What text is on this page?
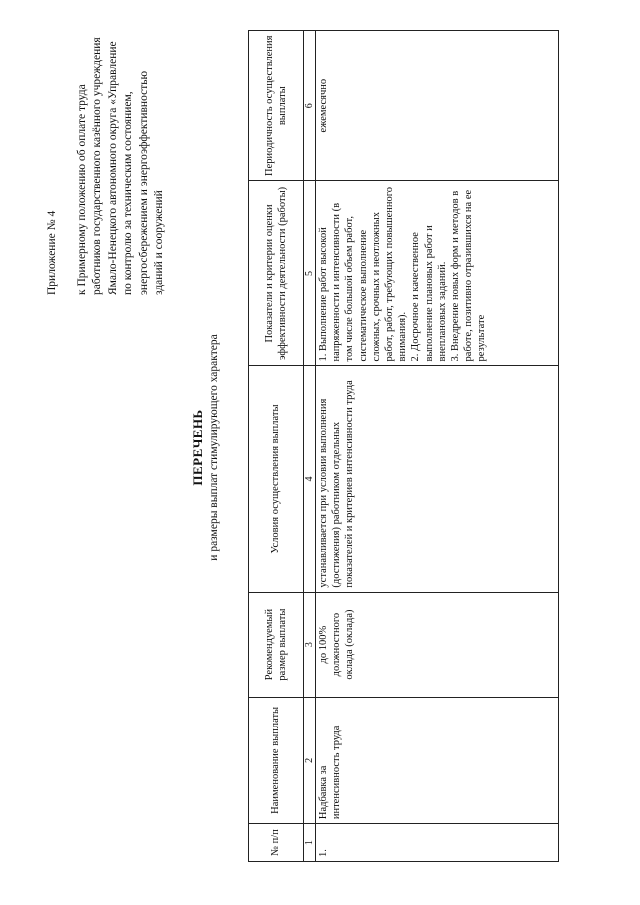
Приложение № 4 к Примерному положению об оплате труда работников государственного казённого учреждения Ямало-Ненецкого автономного округа «Управление по контролю за техническим состоянием, энергосбережением и энергоэффективностью зданий и сооружений
ПЕРЕЧЕНЬ и размеры выплат стимулирующего характера
№ п/п	Наименование выплаты	Рекомендуемый размер выплаты	Условия осуществления выплаты	Показатели и критерии оценки эффективности деятельности (работы)	Периодичность осуществления выплаты
1	2	3	4	5	6
1.	Надбавка за интенсивность труда	до 100% должностного оклада (оклада)	устанавливается при условии выполнения (достижения) работником отдельных показателей и критериев интенсивности труда	1. Выполнение работ высокой напряженности и интенсивности (в том числе большой объем работ, систематическое выполнение сложных, срочных и неотложных работ, работ, требующих повышенного внимания). 2. Досрочное и качественное выполнение плановых работ и внеплановых заданий. 3. Внедрение новых форм и методов в работе, позитивно отразившихся на ее результате	ежемесячно
